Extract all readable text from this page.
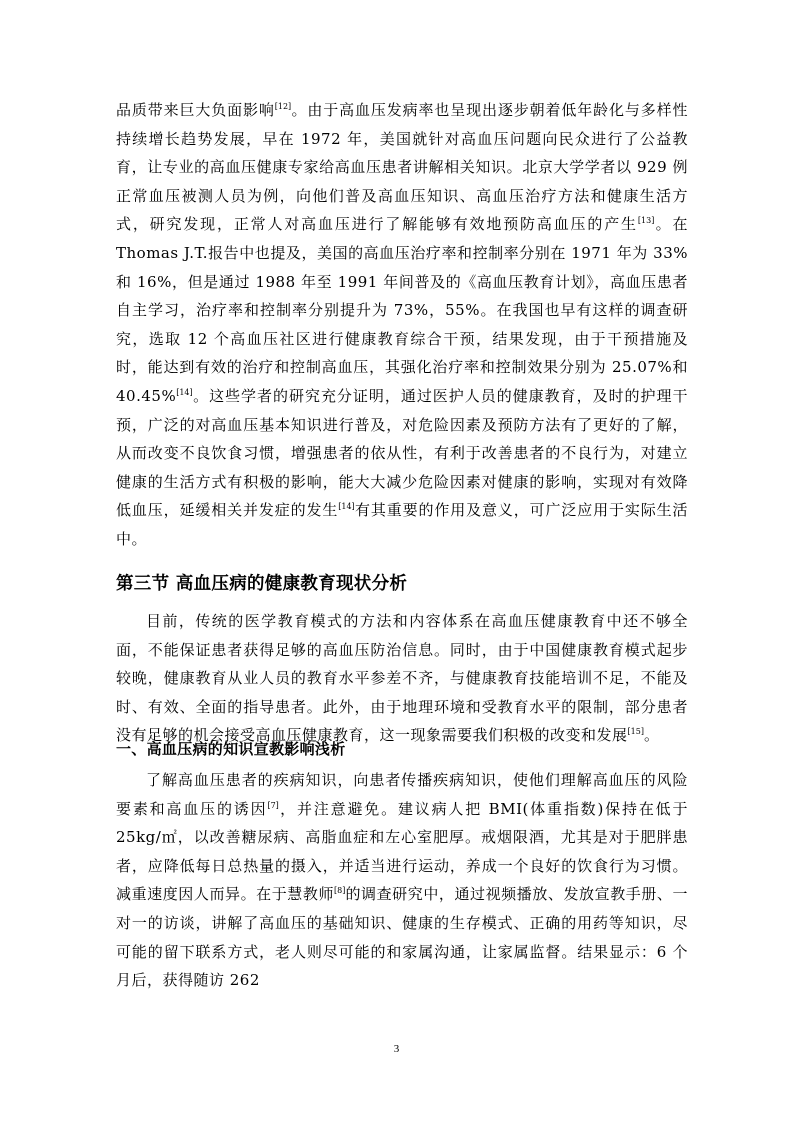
品质带来巨大负面影响[12]。由于高血压发病率也呈现出逐步朝着低年龄化与多样性持续增长趋势发展，早在 1972 年，美国就针对高血压问题向民众进行了公益教育，让专业的高血压健康专家给高血压患者讲解相关知识。北京大学学者以 929 例正常血压被测人员为例，向他们普及高血压知识、高血压治疗方法和健康生活方式，研究发现，正常人对高血压进行了解能够有效地预防高血压的产生[13]。在 Thomas J.T.报告中也提及，美国的高血压治疗率和控制率分别在 1971 年为 33%和 16%，但是通过 1988 年至 1991 年间普及的《高血压教育计划》，高血压患者自主学习，治疗率和控制率分别提升为 73%，55%。在我国也早有这样的调查研究，选取 12 个高血压社区进行健康教育综合干预，结果发现，由于干预措施及时，能达到有效的治疗和控制高血压，其强化治疗率和控制效果分别为 25.07%和 40.45%[14]。这些学者的研究充分证明，通过医护人员的健康教育，及时的护理干预，广泛的对高血压基本知识进行普及，对危险因素及预防方法有了更好的了解，从而改变不良饮食习惯，增强患者的依从性，有利于改善患者的不良行为，对建立健康的生活方式有积极的影响，能大大减少危险因素对健康的影响，实现对有效降低血压，延缓相关并发症的发生[14]有其重要的作用及意义，可广泛应用于实际生活中。

第三节 高血压病的健康教育现状分析

目前，传统的医学教育模式的方法和内容体系在高血压健康教育中还不够全面，不能保证患者获得足够的高血压防治信息。同时，由于中国健康教育模式起步较晚，健康教育从业人员的教育水平参差不齐，与健康教育技能培训不足，不能及时、有效、全面的指导患者。此外，由于地理环境和受教育水平的限制，部分患者没有足够的机会接受高血压健康教育，这一现象需要我们积极的改变和发展[15]。

一、高血压病的知识宣教影响浅析

了解高血压患者的疾病知识，向患者传播疾病知识，使他们理解高血压的风险要素和高血压的诱因[7]，并注意避免。建议病人把 BMI(体重指数)保持在低于 25kg/㎡，以改善糖尿病、高脂血症和左心室肥厚。戒烟限酒，尤其是对于肥胖患者，应降低每日总热量的摄入，并适当进行运动，养成一个良好的饮食行为习惯。减重速度因人而异。在于慧教师[8]的调查研究中，通过视频播放、发放宣教手册、一对一的访谈，讲解了高血压的基础知识、健康的生存模式、正确的用药等知识，尽可能的留下联系方式，老人则尽可能的和家属沟通，让家属监督。结果显示：6 个月后，获得随访 262

3
